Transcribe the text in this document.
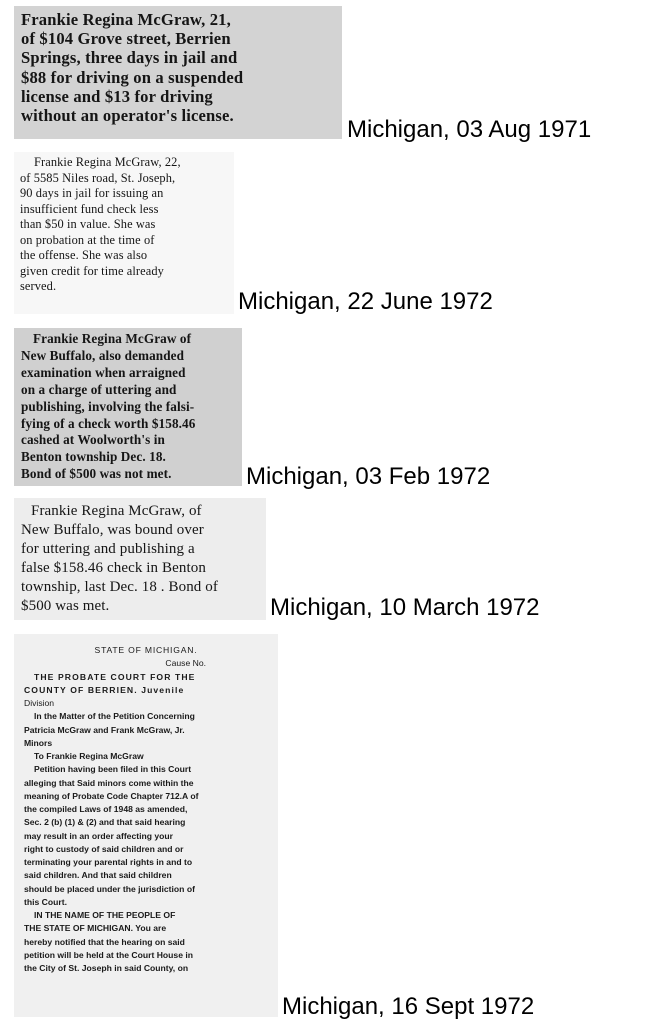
Frankie Regina McGraw, 21,
of $104 Grove street, Berrien
Springs, three days in jail and
$88 for driving on a suspended
license and $13 for driving
without an operator's license.
Michigan, 03 Aug 1971
Frankie Regina McGraw, 22,
of 5585 Niles road, St. Joseph,
90 days in jail for issuing an
insufficient fund check less
than $50 in value. She was
on probation at the time of
the offense. She was also
given credit for time already
served.
Michigan, 22 June 1972
Frankie Regina McGraw of
New Buffalo, also demanded
examination when arraigned
on a charge of uttering and
publishing, involving the falsi-
fying of a check worth $158.46
cashed at Woolworth's in
Benton township Dec. 18.
Bond of $500 was not met.	Michigan, 03 Feb 1972
Frankie Regina McGraw, of
New Buffalo, was bound over
for uttering and publishing a
false $158.46 check in Benton
township, last Dec. 18 . Bond of
$500 was met.	Michigan, 10 March 1972
STATE OF MICHIGAN.
Cause No.
THE PROBATE COURT FOR THE
COUNTY OF BERRIEN. Juvenile
Division
In the Matter of the Petition Concerning
Patricia McGraw and Frank McGraw, Jr.
Minors
To Frankie Regina McGraw
Petition having been filed in this Court
alleging that Said minors come within the
meaning of Probate Code Chapter 712.A of
the compiled Laws of 1948 as amended,
Sec. 2 (b) (1) & (2) and that said hearing
may result in an order affecting your
right to custody of said children and or
terminating your parental rights in and to
said children. And that said children
should be placed under the jurisdiction of
this Court.
IN THE NAME OF THE PEOPLE OF
THE STATE OF MICHIGAN. You are
hereby notified that the hearing on said
petition will be held at the Court House in
the City of St. Joseph in said County, on
Michigan, 16 Sept 1972
